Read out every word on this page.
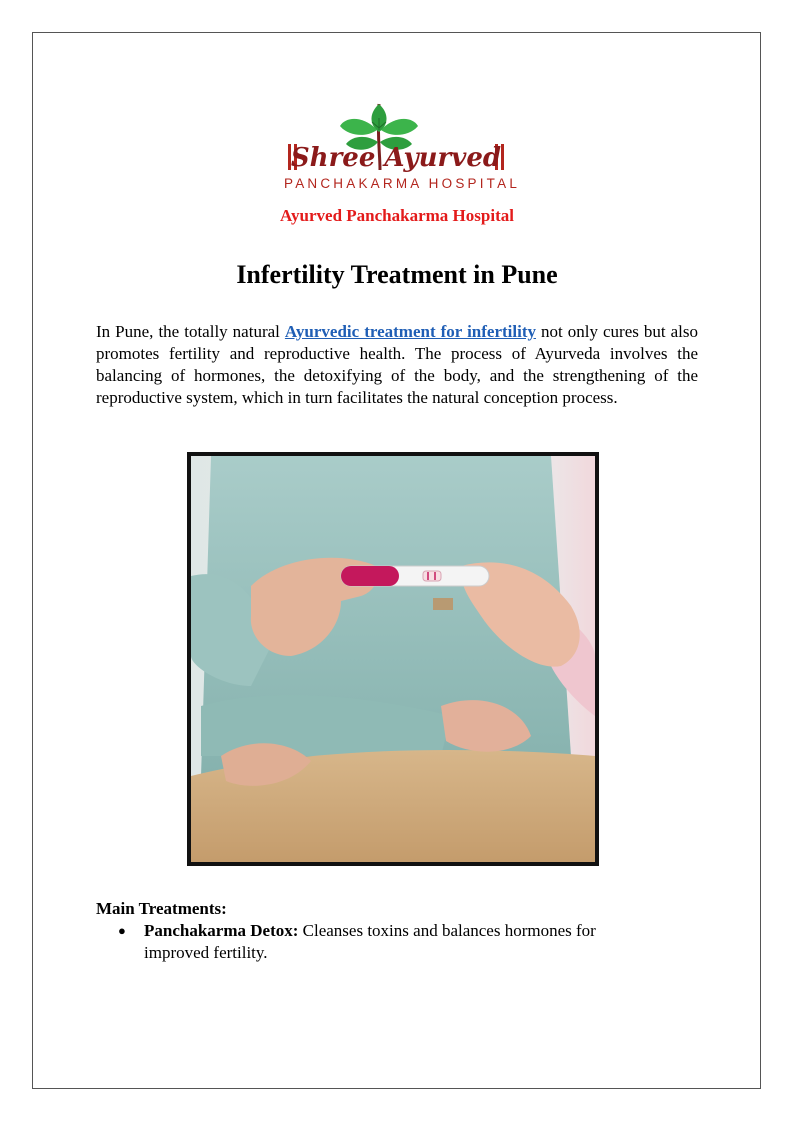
Shree Ayurved
PANCHAKARMA HOSPITAL
Ayurved Panchakarma Hospital
Infertility Treatment in Pune

In Pune, the totally natural Ayurvedic treatment for infertility not only cures but also promotes fertility and reproductive health. The process of Ayurveda involves the balancing of hormones, the detoxifying of the body, and the strengthening of the reproductive system, which in turn facilitates the natural conception process.

Main Treatments:
● Panchakarma Detox: Cleanses toxins and balances hormones for improved fertility.
